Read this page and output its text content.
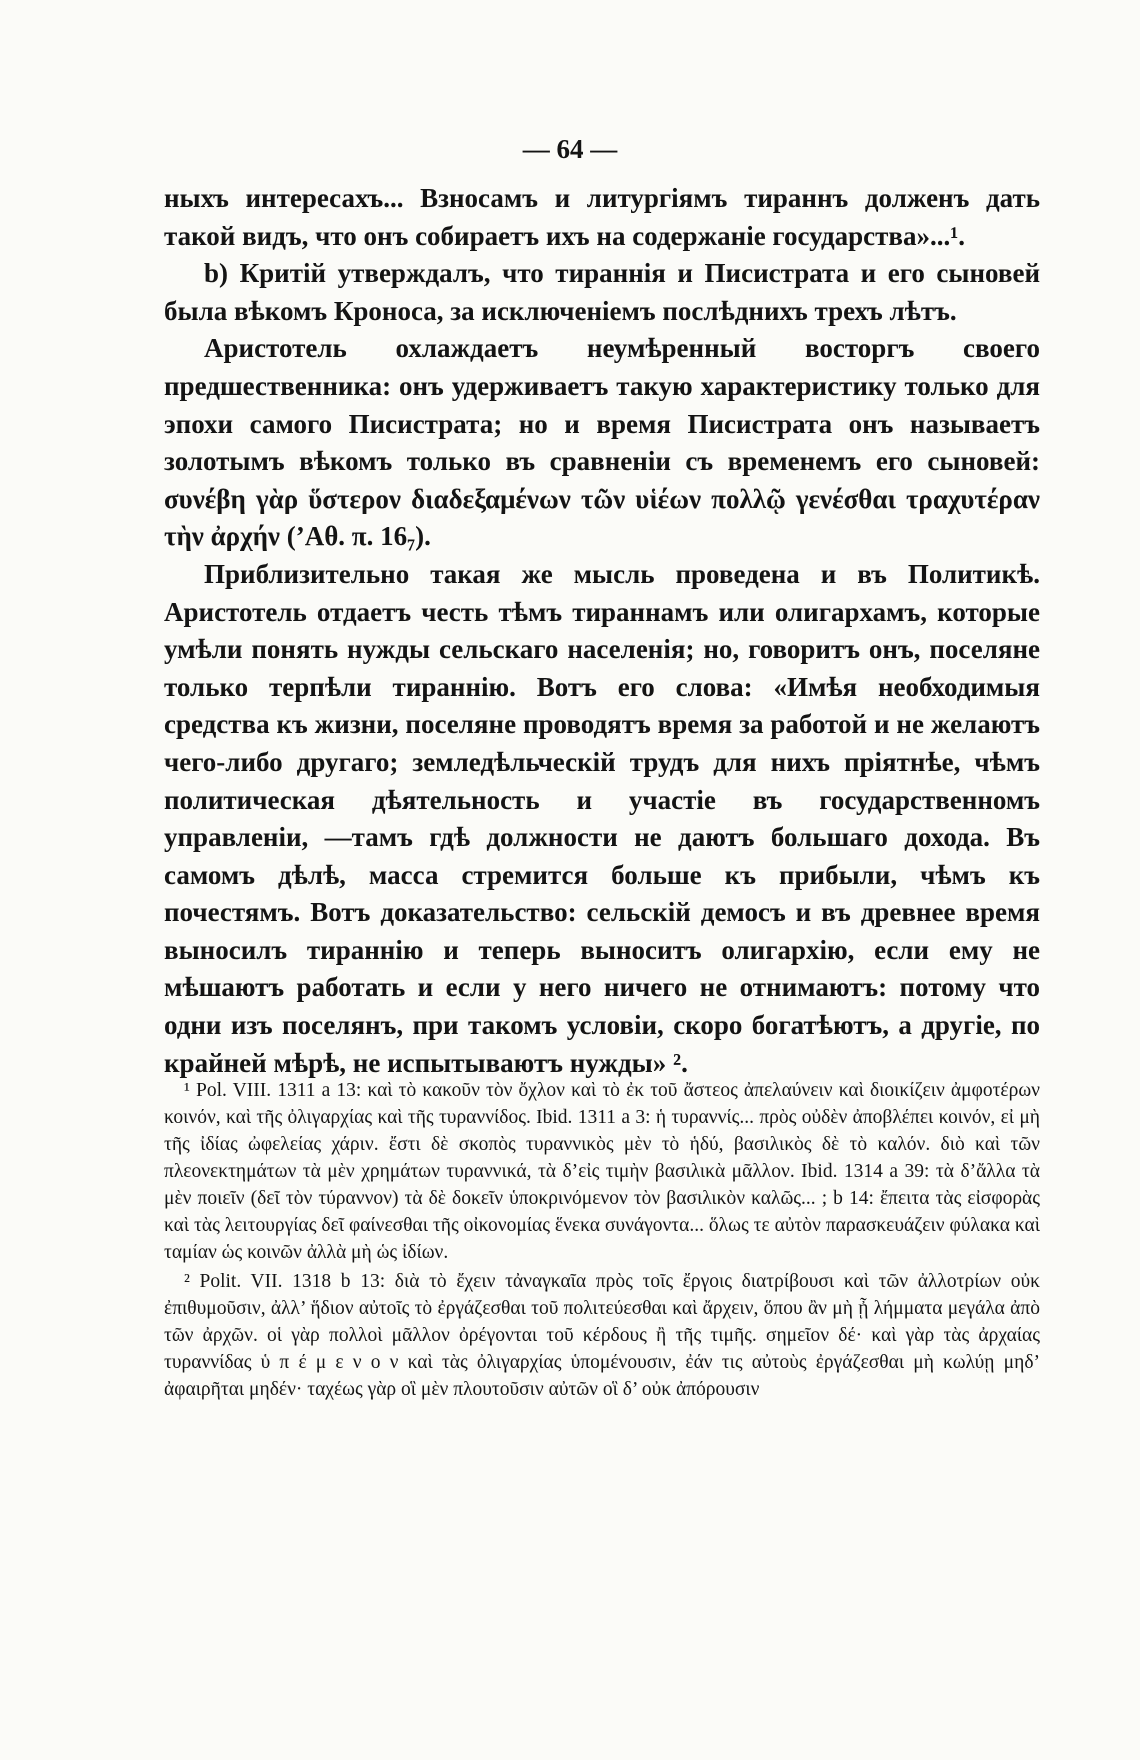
— 64 —

ныхъ интересахъ... Взносамъ и литургіямъ тираннъ долженъ дать такой видъ, что онъ собираетъ ихъ на содержаніе государства»...¹.

b) Критій утверждалъ, что тираннія и Писистрата и его сыновей была вѣкомъ Кроноса, за исключеніемъ послѣднихъ трехъ лѣтъ.

Аристотель охлаждаетъ неумѣренный восторгъ своего предшественника: онъ удерживаетъ такую характеристику только для эпохи самого Писистрата; но и время Писистрата онъ называетъ золотымъ вѣкомъ только въ сравненіи съ временемъ его сыновей: συνέβη γὰρ ὕστερον διαδεξαμένων τῶν υἱέων πολλῷ γενέσθαι τραχυτέραν τὴν ἀρχήν (’Αθ. π. 16₇).

Приблизительно такая же мысль проведена и въ Политикѣ. Аристотель отдаетъ честь тѣмъ тираннамъ или олигархамъ, которые умѣли понять нужды сельскаго населенія; но, говоритъ онъ, поселяне только терпѣли тираннію. Вотъ его слова: «Имѣя необходимыя средства къ жизни, поселяне проводятъ время за работой и не желаютъ чего-либо другаго; земледѣльческій трудъ для нихъ пріятнѣе, чѣмъ политическая дѣятельность и участіе въ государственномъ управленіи, —тамъ гдѣ должности не даютъ большаго дохода. Въ самомъ дѣлѣ, масса стремится больше къ прибыли, чѣмъ къ почестямъ. Вотъ доказательство: сельскій демосъ и въ древнее время выносилъ тираннію и теперь выноситъ олигархію, если ему не мѣшаютъ работать и если у него ничего не отнимаютъ: потому что одни изъ поселянъ, при такомъ условіи, скоро богатѣютъ, а другіе, по крайней мѣрѣ, не испытываютъ нужды» ².

¹ Pol. VIII. 1311 a 13: καὶ τὸ κακοῦν τὸν ὄχλον καὶ τὸ ἐκ τοῦ ἄστεος ἀπελαύνειν καὶ διοικίζειν ἀμφοτέρων κοινόν, καὶ τῆς ὀλιγαρχίας καὶ τῆς τυραννίδος. Ibid. 1311 a 3: ἡ τυραννίς... πρὸς οὐδὲν ἀποβλέπει κοινόν, εἰ μὴ τῆς ἰδίας ὠφελείας χάριν. ἔστι δὲ σκοπὸς τυραννικὸς μὲν τὸ ἡδύ, βασιλικὸς δὲ τὸ καλόν. διὸ καὶ τῶν πλεονεκτημάτων τὰ μὲν χρημάτων τυραννικά, τὰ δ’εἰς τιμὴν βασιλικὰ μᾶλλον. Ibid. 1314 a 39: τὰ δ’ἄλλα τὰ μὲν ποιεῖν (δεῖ τὸν τύραννον) τὰ δὲ δοκεῖν ὑποκρινόμενον τὸν βασιλικὸν καλῶς... ; b 14: ἔπειτα τὰς εἰσφορὰς καὶ τὰς λειτουργίας δεῖ φαίνεσθαι τῆς οἰκονομίας ἕνεκα συνάγοντα... ὅλως τε αὐτὸν παρασκευάζειν φύλακα καὶ ταμίαν ὡς κοινῶν ἀλλὰ μὴ ὡς ἰδίων.

² Polit. VII. 1318 b 13: διὰ τὸ ἔχειν τἀναγκαῖα πρὸς τοῖς ἔργοις διατρίβουσι καὶ τῶν ἀλλοτρίων οὐκ ἐπιθυμοῦσιν, ἀλλ’ ἥδιον αὐτοῖς τὸ ἐργάζεσθαι τοῦ πολιτεύεσθαι καὶ ἄρχειν, ὅπου ἂν μὴ ᾖ λήμματα μεγάλα ἀπὸ τῶν ἀρχῶν. οἱ γὰρ πολλοὶ μᾶλλον ὀρέγονται τοῦ κέρδους ἢ τῆς τιμῆς. σημεῖον δέ· καὶ γὰρ τὰς ἀρχαίας τυραννίδας ὑ π έ μ ε ν ο ν καὶ τὰς ὀλιγαρχίας ὑπομένουσιν, ἐάν τις αὐτοὺς ἐργάζεσθαι μὴ κωλύῃ μηδ’ ἀφαιρῆται μηδέν· ταχέως γὰρ οἳ μὲν πλουτοῦσιν αὐτῶν οἳ δ’ οὐκ ἀπόρουσιν
